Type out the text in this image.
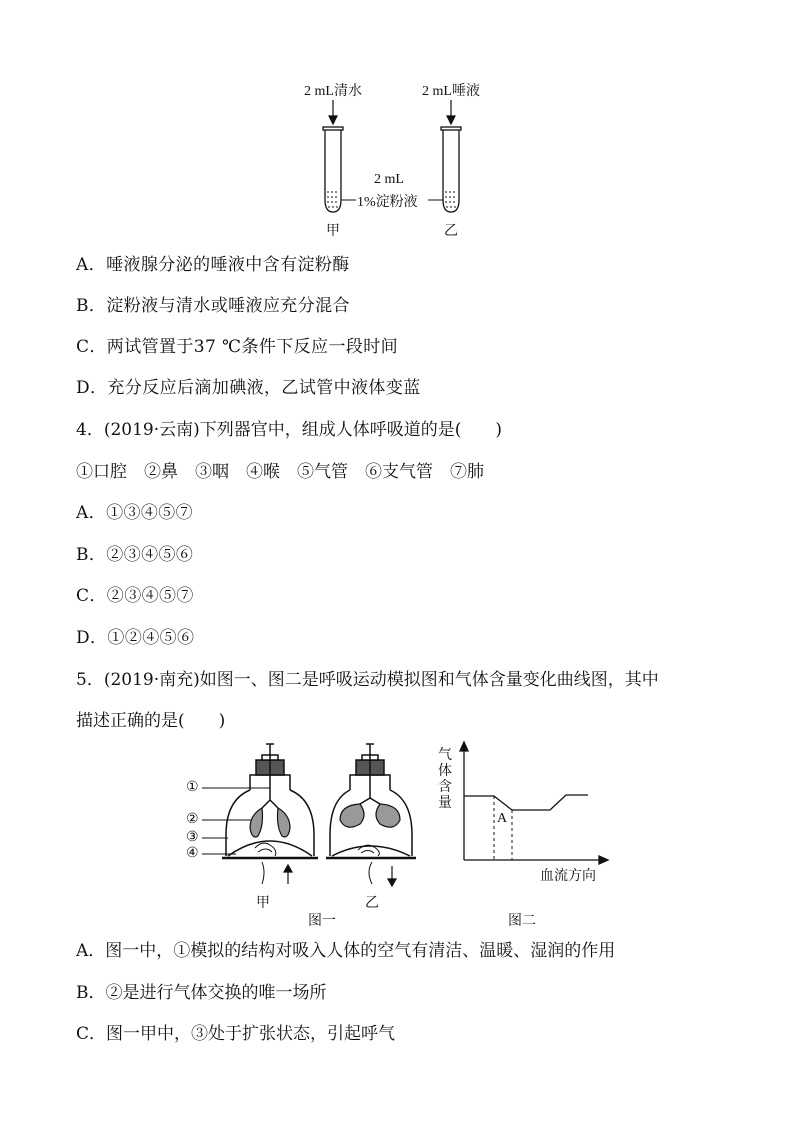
2 mL清水	2 mL唾液
2 mL
1%淀粉液
甲	乙
A．唾液腺分泌的唾液中含有淀粉酶
B．淀粉液与清水或唾液应充分混合
C．两试管置于37 ℃条件下反应一段时间
D．充分反应后滴加碘液，乙试管中液体变蓝
4．(2019·云南)下列器官中，组成人体呼吸道的是(　　)
①口腔　②鼻　③咽　④喉　⑤气管　⑥支气管　⑦肺
A．①③④⑤⑦
B．②③④⑤⑥
C．②③④⑤⑦
D．①②④⑤⑥
5．(2019·南充)如图一、图二是呼吸运动模拟图和气体含量变化曲线图，其中
描述正确的是(　　)
①
②
③
④
甲	乙
图一	图二
气
体
含
量
血流方向
A
A．图一中，①模拟的结构对吸入人体的空气有清洁、温暖、湿润的作用
B．②是进行气体交换的唯一场所
C．图一甲中，③处于扩张状态，引起呼气
